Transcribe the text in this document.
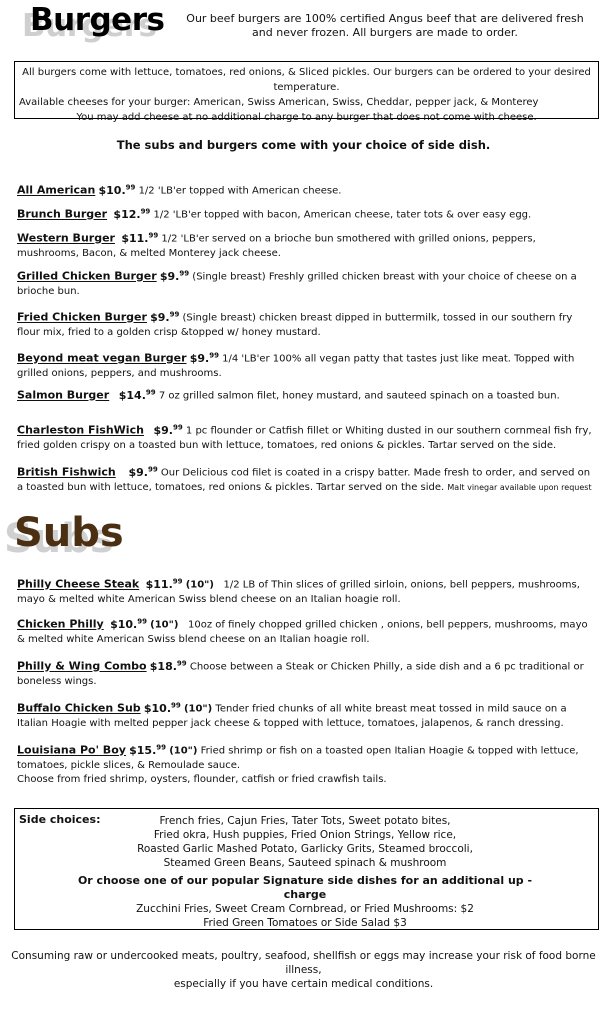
Burgers Our beef burgers are 100% certified Angus beef that are delivered fresh and never frozen. All burgers are made to order.

All burgers come with lettuce, tomatoes, red onions, & Sliced pickles. Our burgers can be ordered to your desired temperature.

Available cheeses for your burger: American, Swiss American, Swiss, Cheddar, pepper jack, & Monterey

You may add cheese at no additional charge to any burger that does not come with cheese.

The subs and burgers come with your choice of side dish.
All American $10.99 1/2 'LB'er topped with American cheese.
Brunch Burger $12.99 1/2 'LB'er topped with bacon, American cheese, tater tots & over easy egg.
Western Burger $11.99 1/2 'LB'er served on a brioche bun smothered with grilled onions, peppers, mushrooms, Bacon, & melted Monterey jack cheese.
Grilled Chicken Burger $9.99 (Single breast) Freshly grilled chicken breast with your choice of cheese on a brioche bun.
Fried Chicken Burger $9.99 (Single breast) chicken breast dipped in buttermilk, tossed in our southern fry flour mix, fried to a golden crisp &topped w/ honey mustard.
Beyond meat vegan Burger $9.99 1/4 'LB'er 100% all vegan patty that tastes just like meat. Topped with grilled onions, peppers, and mushrooms.
Salmon Burger $14.99 7 oz grilled salmon filet, honey mustard, and sauteed spinach on a toasted bun.
Charleston FishWich $9.99 1 pc flounder or Catfish fillet or Whiting dusted in our southern cornmeal fish fry, fried golden crispy on a toasted bun with lettuce, tomatoes, red onions & pickles. Tartar served on the side.
British Fishwich $9.99 Our Delicious cod filet is coated in a crispy batter. Made fresh to order, and served on a toasted bun with lettuce, tomatoes, red onions & pickles. Tartar served on the side. Malt vinegar available upon request
Subs
Philly Cheese Steak $11.99 (10") 1/2 LB of Thin slices of grilled sirloin, onions, bell peppers, mushrooms, mayo & melted white American Swiss blend cheese on an Italian hoagie roll.
Chicken Philly $10.99 (10") 10oz of finely chopped grilled chicken , onions, bell peppers, mushrooms, mayo & melted white American Swiss blend cheese on an Italian hoagie roll.
Philly & Wing Combo $18.99 Choose between a Steak or Chicken Philly, a side dish and a 6 pc traditional or boneless wings.
Buffalo Chicken Sub $10.99 (10") Tender fried chunks of all white breast meat tossed in mild sauce on a Italian Hoagie with melted pepper jack cheese & topped with lettuce, tomatoes, jalapenos, & ranch dressing.
Louisiana Po' Boy $15.99 (10") Fried shrimp or fish on a toasted open Italian Hoagie & topped with lettuce, tomatoes, pickle slices, & Remoulade sauce.
Choose from fried shrimp, oysters, flounder, catfish or fried crawfish tails.
Side choices:	French fries, Cajun Fries, Tater Tots, Sweet potato bites,

Fried okra, Hush puppies, Fried Onion Strings, Yellow rice,

Roasted Garlic Mashed Potato, Garlicky Grits, Steamed broccoli,

Steamed Green Beans, Sauteed spinach & mushroom

Or choose one of our popular Signature side dishes for an additional up -charge

Zucchini Fries, Sweet Cream Cornbread, or Fried Mushrooms: $2

Fried Green Tomatoes or Side Salad $3

Consuming raw or undercooked meats, poultry, seafood, shellfish or eggs may increase your risk of food borne illness,

especially if you have certain medical conditions.
